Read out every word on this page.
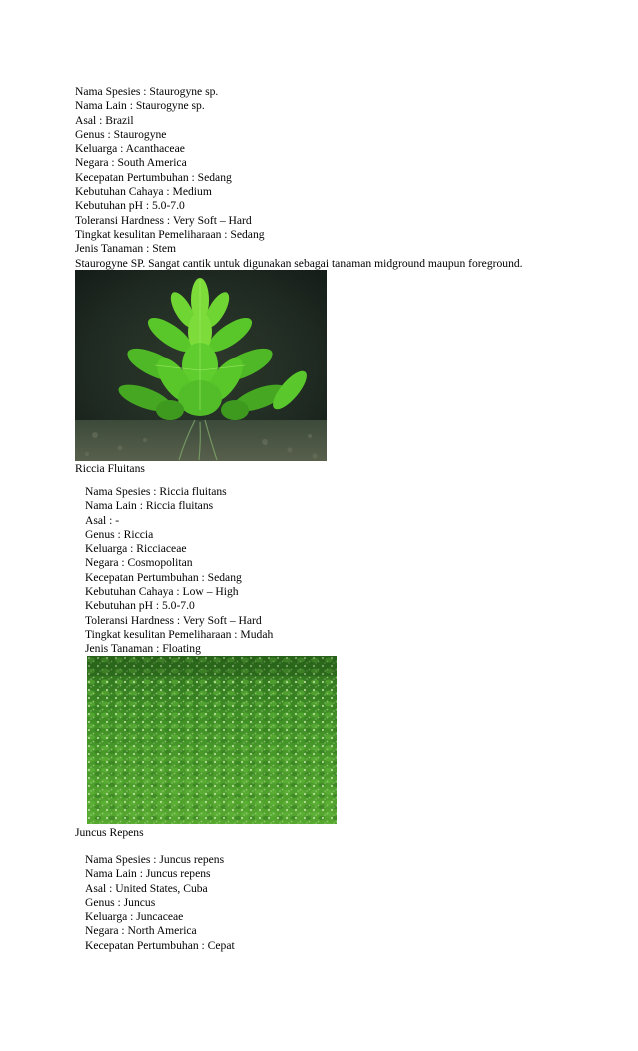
Nama Spesies : Staurogyne sp.
Nama Lain : Staurogyne sp.
Asal : Brazil
Genus : Staurogyne
Keluarga : Acanthaceae
Negara : South America
Kecepatan Pertumbuhan : Sedang
Kebutuhan Cahaya : Medium
Kebutuhan pH : 5.0-7.0
Toleransi Hardness : Very Soft – Hard
Tingkat kesulitan Pemeliharaan : Sedang
Jenis Tanaman : Stem
Staurogyne SP. Sangat cantik untuk digunakan sebagai tanaman midground maupun foreground.
Riccia Fluitans
Nama Spesies : Riccia fluitans
Nama Lain : Riccia fluitans
Asal : -
Genus : Riccia
Keluarga : Ricciaceae
Negara : Cosmopolitan
Kecepatan Pertumbuhan : Sedang
Kebutuhan Cahaya : Low – High
Kebutuhan pH : 5.0-7.0
Toleransi Hardness : Very Soft – Hard
Tingkat kesulitan Pemeliharaan : Mudah
Jenis Tanaman : Floating
Juncus Repens
Nama Spesies : Juncus repens
Nama Lain : Juncus repens
Asal : United States, Cuba
Genus : Juncus
Keluarga : Juncaceae
Negara : North America
Kecepatan Pertumbuhan : Cepat
